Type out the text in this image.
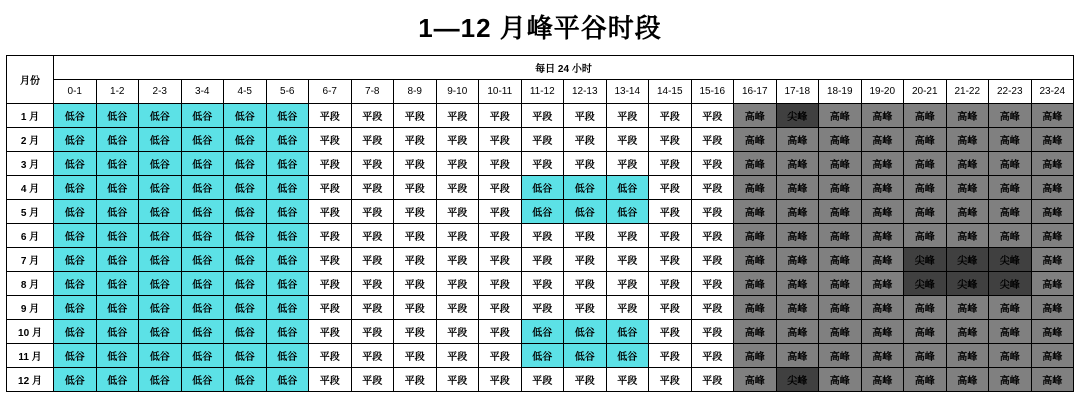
1—12 月峰平谷时段
月份	每日 24 小时																							
	0-1	1-2	2-3	3-4	4-5	5-6	6-7	7-8	8-9	9-10	10-11	11-12	12-13	13-14	14-15	15-16	16-17	17-18	18-19	19-20	20-21	21-22	22-23	23-24
1 月	低谷	低谷	低谷	低谷	低谷	低谷	平段	平段	平段	平段	平段	平段	平段	平段	平段	平段	高峰	尖峰	高峰	高峰	高峰	高峰	高峰	高峰
2 月	低谷	低谷	低谷	低谷	低谷	低谷	平段	平段	平段	平段	平段	平段	平段	平段	平段	平段	高峰	高峰	高峰	高峰	高峰	高峰	高峰	高峰
3 月	低谷	低谷	低谷	低谷	低谷	低谷	平段	平段	平段	平段	平段	平段	平段	平段	平段	平段	高峰	高峰	高峰	高峰	高峰	高峰	高峰	高峰
4 月	低谷	低谷	低谷	低谷	低谷	低谷	平段	平段	平段	平段	平段	低谷	低谷	低谷	平段	平段	高峰	高峰	高峰	高峰	高峰	高峰	高峰	高峰
5 月	低谷	低谷	低谷	低谷	低谷	低谷	平段	平段	平段	平段	平段	低谷	低谷	低谷	平段	平段	高峰	高峰	高峰	高峰	高峰	高峰	高峰	高峰
6 月	低谷	低谷	低谷	低谷	低谷	低谷	平段	平段	平段	平段	平段	平段	平段	平段	平段	平段	高峰	高峰	高峰	高峰	高峰	高峰	高峰	高峰
7 月	低谷	低谷	低谷	低谷	低谷	低谷	平段	平段	平段	平段	平段	平段	平段	平段	平段	平段	高峰	高峰	高峰	高峰	尖峰	尖峰	尖峰	高峰
8 月	低谷	低谷	低谷	低谷	低谷	低谷	平段	平段	平段	平段	平段	平段	平段	平段	平段	平段	高峰	高峰	高峰	高峰	尖峰	尖峰	尖峰	高峰
9 月	低谷	低谷	低谷	低谷	低谷	低谷	平段	平段	平段	平段	平段	平段	平段	平段	平段	平段	高峰	高峰	高峰	高峰	高峰	高峰	高峰	高峰
10 月	低谷	低谷	低谷	低谷	低谷	低谷	平段	平段	平段	平段	平段	低谷	低谷	低谷	平段	平段	高峰	高峰	高峰	高峰	高峰	高峰	高峰	高峰
11 月	低谷	低谷	低谷	低谷	低谷	低谷	平段	平段	平段	平段	平段	低谷	低谷	低谷	平段	平段	高峰	高峰	高峰	高峰	高峰	高峰	高峰	高峰
12 月	低谷	低谷	低谷	低谷	低谷	低谷	平段	平段	平段	平段	平段	平段	平段	平段	平段	平段	高峰	尖峰	高峰	高峰	高峰	高峰	高峰	高峰
